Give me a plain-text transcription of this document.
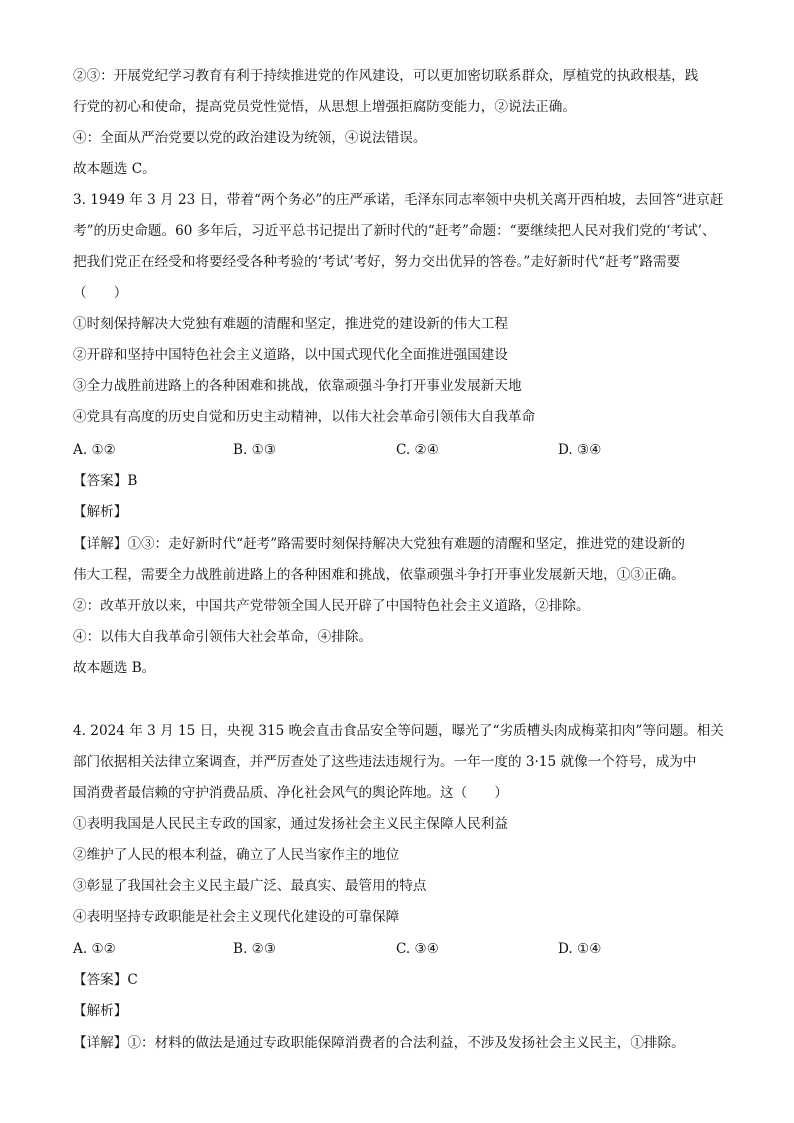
②③：开展党纪学习教育有利于持续推进党的作风建设，可以更加密切联系群众，厚植党的执政根基，践
行党的初心和使命，提高党员党性觉悟，从思想上增强拒腐防变能力，②说法正确。
④：全面从严治党要以党的政治建设为统领，④说法错误。
故本题选 C。
3. 1949 年 3 月 23 日，带着“两个务必”的庄严承诺，毛泽东同志率领中央机关离开西柏坡，去回答“进京赶
考”的历史命题。60 多年后，习近平总书记提出了新时代的“赶考”命题：“要继续把人民对我们党的‘考试’、
把我们党正在经受和将要经受各种考验的‘考试’考好，努力交出优异的答卷。”走好新时代“赶考”路需要
（　　）
①时刻保持解决大党独有难题的清醒和坚定，推进党的建设新的伟大工程
②开辟和坚持中国特色社会主义道路，以中国式现代化全面推进强国建设
③全力战胜前进路上的各种困难和挑战，依靠顽强斗争打开事业发展新天地
④党具有高度的历史自觉和历史主动精神，以伟大社会革命引领伟大自我革命
A. ①②	B. ①③	C. ②④	D. ③④
【答案】B
【解析】
【详解】①③：走好新时代“赶考”路需要时刻保持解决大党独有难题的清醒和坚定，推进党的建设新的
伟大工程，需要全力战胜前进路上的各种困难和挑战，依靠顽强斗争打开事业发展新天地，①③正确。
②：改革开放以来，中国共产党带领全国人民开辟了中国特色社会主义道路，②排除。
④：以伟大自我革命引领伟大社会革命，④排除。
故本题选 B。
4. 2024 年 3 月 15 日，央视 315 晚会直击食品安全等问题，曝光了“劣质槽头肉成梅菜扣肉”等问题。相关
部门依据相关法律立案调查，并严厉查处了这些违法违规行为。一年一度的 3·15 就像一个符号，成为中
国消费者最信赖的守护消费品质、净化社会风气的舆论阵地。这（　　）
①表明我国是人民民主专政的国家，通过发扬社会主义民主保障人民利益
②维护了人民的根本利益，确立了人民当家作主的地位
③彰显了我国社会主义民主最广泛、最真实、最管用的特点
④表明坚持专政职能是社会主义现代化建设的可靠保障
A. ①②	B. ②③	C. ③④	D. ①④
【答案】C
【解析】
【详解】①：材料的做法是通过专政职能保障消费者的合法利益，不涉及发扬社会主义民主，①排除。
